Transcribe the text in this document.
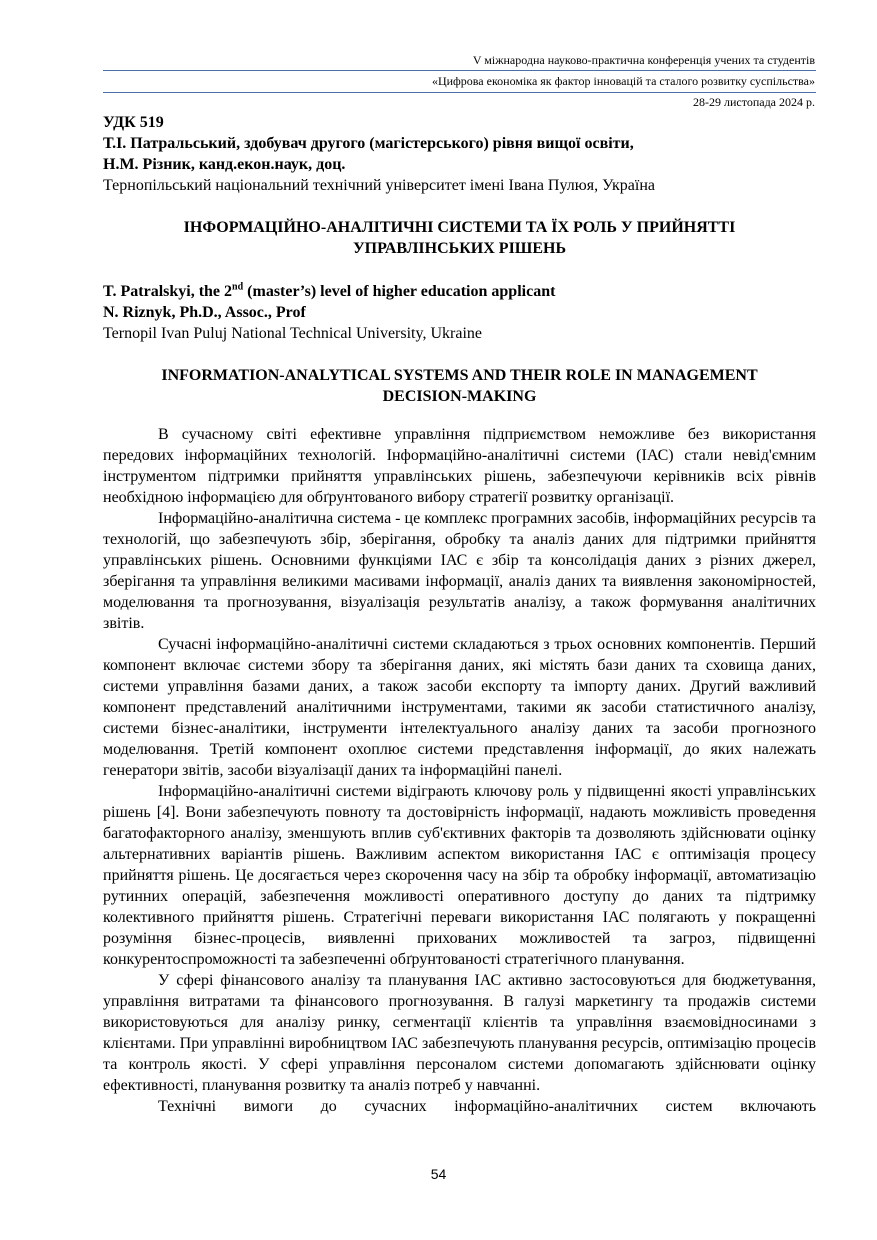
V міжнародна науково-практична конференція учених та студентів
«Цифрова економіка як фактор інновацій та сталого розвитку суспільства»
28-29 листопада 2024 р.
УДК 519
Т.І. Патральський, здобувач другого (магістерського) рівня вищої освіти,
Н.М. Різник, канд.екон.наук, доц.
Тернопільський національний технічний університет імені Івана Пулюя, Україна
ІНФОРМАЦІЙНО-АНАЛІТИЧНІ СИСТЕМИ ТА ЇХ РОЛЬ У ПРИЙНЯТТІ
УПРАВЛІНСЬКИХ РІШЕНЬ
T. Patralskyi, the 2nd (master’s) level of higher education applicant
N. Riznyk, Ph.D., Assoc., Prof
Ternopil Ivan Puluj National Technical University, Ukraine
INFORMATION-ANALYTICAL SYSTEMS AND THEIR ROLE IN MANAGEMENT
DECISION-MAKING

В сучасному світі ефективне управління підприємством неможливе без використання передових інформаційних технологій. Інформаційно-аналітичні системи (ІАС) стали невід'ємним інструментом підтримки прийняття управлінських рішень, забезпечуючи керівників всіх рівнів необхідною інформацією для обґрунтованого вибору стратегії розвитку організації.

Інформаційно-аналітична система - це комплекс програмних засобів, інформаційних ресурсів та технологій, що забезпечують збір, зберігання, обробку та аналіз даних для підтримки прийняття управлінських рішень. Основними функціями ІАС є збір та консолідація даних з різних джерел, зберігання та управління великими масивами інформації, аналіз даних та виявлення закономірностей, моделювання та прогнозування, візуалізація результатів аналізу, а також формування аналітичних звітів.

Сучасні інформаційно-аналітичні системи складаються з трьох основних компонентів. Перший компонент включає системи збору та зберігання даних, які містять бази даних та сховища даних, системи управління базами даних, а також засоби експорту та імпорту даних. Другий важливий компонент представлений аналітичними інструментами, такими як засоби статистичного аналізу, системи бізнес-аналітики, інструменти інтелектуального аналізу даних та засоби прогнозного моделювання. Третій компонент охоплює системи представлення інформації, до яких належать генератори звітів, засоби візуалізації даних та інформаційні панелі.

Інформаційно-аналітичні системи відіграють ключову роль у підвищенні якості управлінських рішень [4]. Вони забезпечують повноту та достовірність інформації, надають можливість проведення багатофакторного аналізу, зменшують вплив суб'єктивних факторів та дозволяють здійснювати оцінку альтернативних варіантів рішень. Важливим аспектом використання ІАС є оптимізація процесу прийняття рішень. Це досягається через скорочення часу на збір та обробку інформації, автоматизацію рутинних операцій, забезпечення можливості оперативного доступу до даних та підтримку колективного прийняття рішень. Стратегічні переваги використання ІАС полягають у покращенні розуміння бізнес-процесів, виявленні прихованих можливостей та загроз, підвищенні конкурентоспроможності та забезпеченні обґрунтованості стратегічного планування.

У сфері фінансового аналізу та планування ІАС активно застосовуються для бюджетування, управління витратами та фінансового прогнозування. В галузі маркетингу та продажів системи використовуються для аналізу ринку, сегментації клієнтів та управління взаємовідносинами з клієнтами. При управлінні виробництвом ІАС забезпечують планування ресурсів, оптимізацію процесів та контроль якості. У сфері управління персоналом системи допомагають здійснювати оцінку ефективності, планування розвитку та аналіз потреб у навчанні.

Технічні вимоги до сучасних інформаційно-аналітичних систем включають

54
